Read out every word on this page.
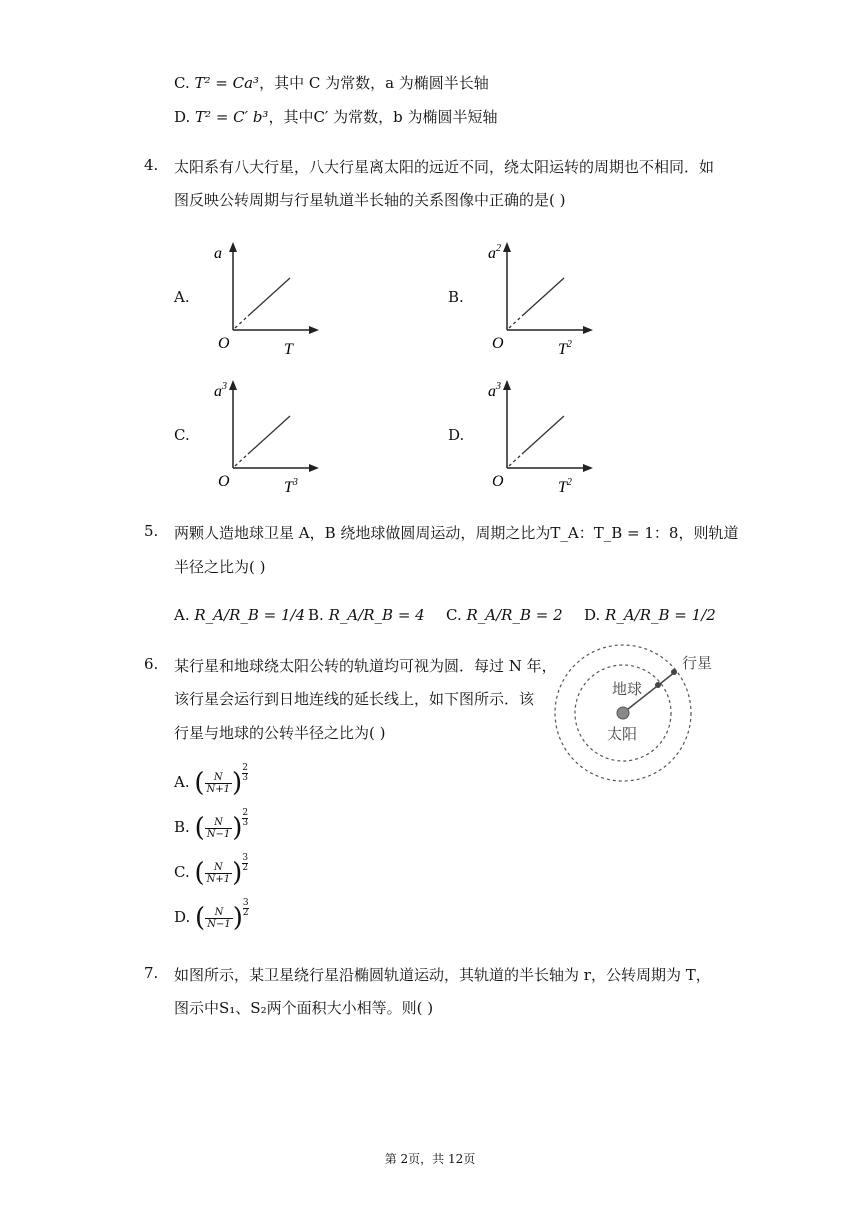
C. T² = Ca³，其中 C 为常数，a 为椭圆半长轴
D. T² = C′ b³，其中C′ 为常数，b 为椭圆半短轴
4. 太阳系有八大行星，八大行星离太阳的远近不同，绕太阳运转的周期也不相同．如
图反映公转周期与行星轨道半长轴的关系图像中正确的是( )
A.
a
T
O
B.
$a^2$
$T^2$
O
C.
$a^3$
$T^3$
O
D.
$a^3$
$T^2$
O
5. 两颗人造地球卫星 A，B 绕地球做圆周运动，周期之比为T_A：T_B = 1：8，则轨道
半径之比为( )
A. R_A/R_B = 1/4 B. R_A/R_B = 4 C. R_A/R_B = 2 D. R_A/R_B = 1/2
6. 某行星和地球绕太阳公转的轨道均可视为圆．每过 N 年，
该行星会运行到日地连线的延长线上，如下图所示．该
行星与地球的公转半径之比为( )
行星
地球
太阳
A. ( $\frac{N}{N+1}$ ) $\frac{2}{3}$
B. ( $\frac{N}{N-1}$ ) $\frac{2}{3}$
C. ( $\frac{N}{N+1}$ ) $\frac{3}{2}$
D. ( $\frac{N}{N-1}$ ) $\frac{3}{2}$
7. 如图所示，某卫星绕行星沿椭圆轨道运动，其轨道的半长轴为 r，公转周期为 T，
图示中S₁、S₂两个面积大小相等。则( )
第 2页，共 12页
